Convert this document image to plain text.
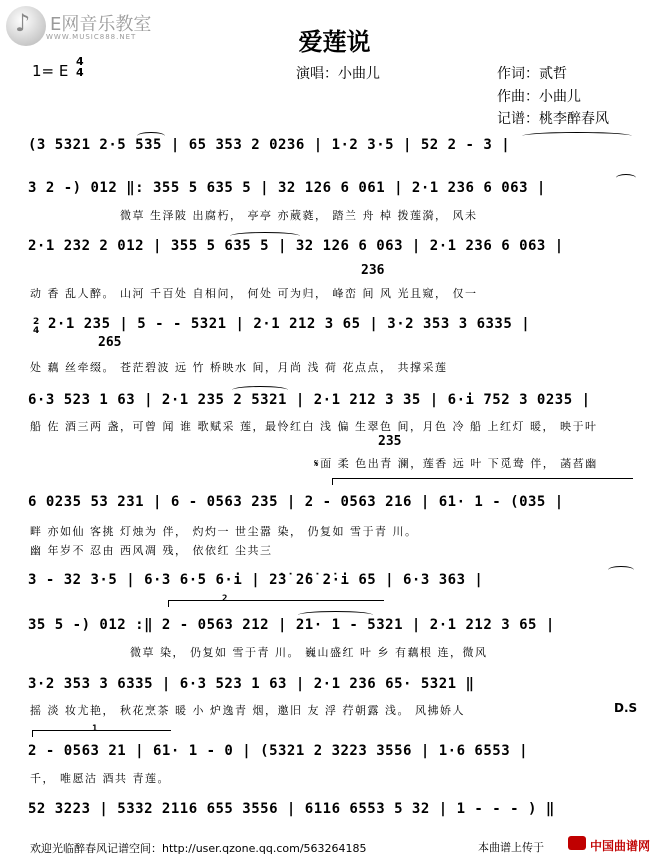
♪ E网音乐教室
WWW.MUSIC888.NET	爱莲说
演唱：小曲儿	作词：贰哲
作曲：小曲儿
记谱：桃李醉春风
1= E
4
4
(3 5321 2·5 535 | 65 353 2 0236 | 1·2 3·5 | 52 2 - 3 |
3 2 -) 012 ‖: 355 5 635 5 | 32 126 6 061 | 2·1 236 6 063 |
微草 生泽陂 出腐朽， 亭亭 亦葳蕤， 踏兰 舟 棹 拨莲漪， 风未
2·1 232 2 012 | 355 5 635 5 | 32 126 6 063 | 2·1 236 6 063 |
236
动 香 乱人醉。 山河 千百处 自相问， 何处 可为归， 峰峦 间 风 光且窥， 仅一
2
4 2·1 235 | 5 - - 5321 | 2·1 212 3 65 | 3·2 353 3 6335 |
265
处 藕 丝牵缀。 苍茫碧波 远 竹 桥映水 间，月尚 浅 荷 花点点， 共撑采莲
6·3 523 1 63 | 2·1 235 2 5321 | 2·1 212 3 35 | 6·i 752 3 0235 |
船 佐 酒三两 盏，可曾 闻 谁 歌赋采 莲，最怜红白 浅 偏 生翠色 间，月色 冷 船 上红灯 暖， 映于叶
235
𝄋面 柔 色出青 澜，莲香 远 叶 下觅鸯 伴， 菡萏幽
6 0235 53 231 | 6 - 0563 235 | 2 - 0563 216 | 61· 1 - (035 |
畔 亦如仙 客挑 灯烛为 伴， 灼灼一 世尘嚣 染， 仍复如 雪于青 川。
幽 年岁不 忍由 西风凋 残， 依依红 尘共三
3 - 32 3·5 | 6·3 6·5 6·i | 2̇3̇ 2̇6̇ 2̇·i 65 | 6·3 363 |
2
35 5 -) 012 :‖ 2 - 0563 212 | 21· 1 - 5321 | 2·1 212 3 65 |
微草 染， 仍复如 雪于青 川。 巍山盛红 叶 乡 有藕根 连，微风
3·2 353 3 6335 | 6·3 523 1 63 | 2·1 236 65· 5321 ‖
摇 淡 妆尤艳， 秋花烹茶 暖 小 炉逸青 烟，邀旧 友 浮 荇朝露 浅。 风拂娇人	D.S
1
2 - 0563 21 | 61· 1 - 0 | (5321 2 3223 3556 | 1·6 6553 |
千， 唯愿沽 酒共 青莲。
52 3223 | 5332 2116 655 3556 | 6116 6553 5 32 | 1 - - - ) ‖
欢迎光临醉春风记谱空间：http://user.qzone.qq.com/563264185	本曲谱上传于	中国曲谱网
